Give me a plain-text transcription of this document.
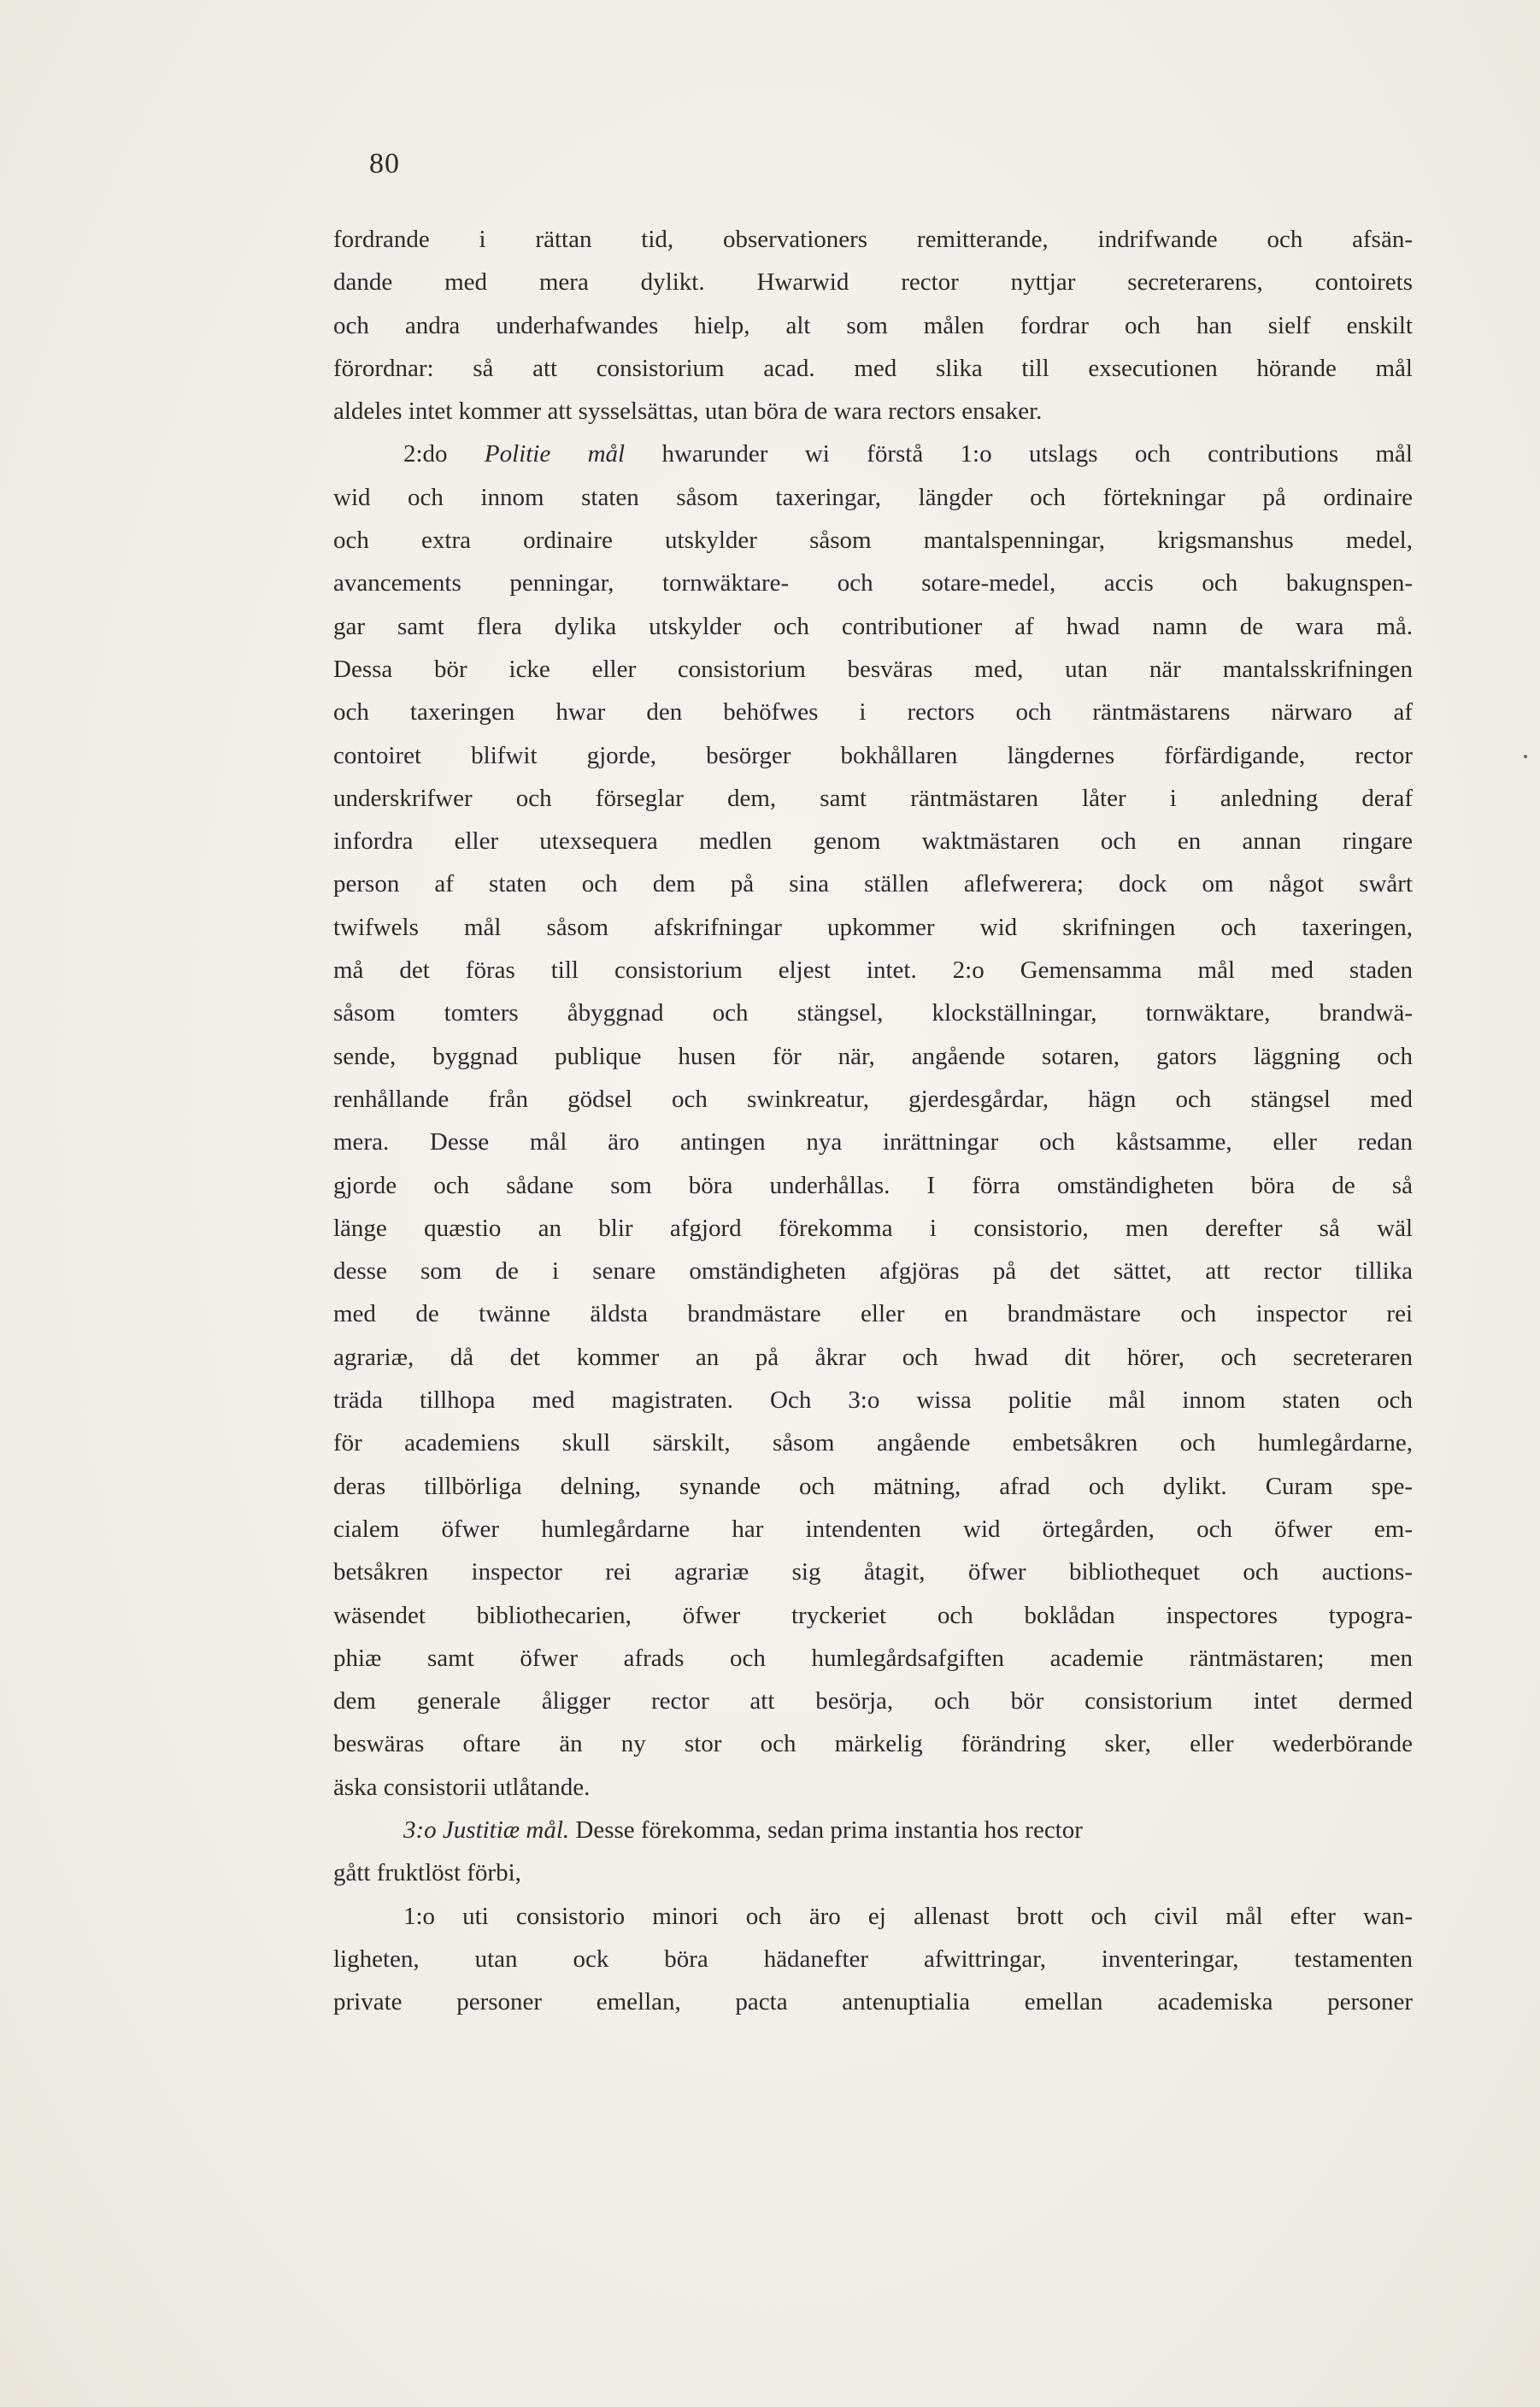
80
fordrande i rättan tid, observationers remitterande, indrifwande och afsän-
dande med mera dylikt. Hwarwid rector nyttjar secreterarens, contoirets
och andra underhafwandes hielp, alt som målen fordrar och han sielf enskilt
förordnar: så att consistorium acad. med slika till exsecutionen hörande mål
aldeles intet kommer att sysselsättas, utan böra de wara rectors ensaker.
2:do Politie mål hwarunder wi förstå 1:o utslags och contributions mål
wid och innom staten såsom taxeringar, längder och förtekningar på ordinaire
och extra ordinaire utskylder såsom mantalspenningar, krigsmanshus medel,
avancements penningar, tornwäktare- och sotare-medel, accis och bakugnspen-
gar samt flera dylika utskylder och contributioner af hwad namn de wara må.
Dessa bör icke eller consistorium besväras med, utan när mantalsskrifningen
och taxeringen hwar den behöfwes i rectors och räntmästarens närwaro af
contoiret blifwit gjorde, besörger bokhållaren längdernes förfärdigande, rector
underskrifwer och förseglar dem, samt räntmästaren låter i anledning deraf
infordra eller utexsequera medlen genom waktmästaren och en annan ringare
person af staten och dem på sina ställen aflefwerera; dock om något swårt
twifwels mål såsom afskrifningar upkommer wid skrifningen och taxeringen,
må det föras till consistorium eljest intet. 2:o Gemensamma mål med staden
såsom tomters åbyggnad och stängsel, klockställningar, tornwäktare, brandwä-
sende, byggnad publique husen för när, angående sotaren, gators läggning och
renhållande från gödsel och swinkreatur, gjerdesgårdar, hägn och stängsel med
mera. Desse mål äro antingen nya inrättningar och kåstsamme, eller redan
gjorde och sådane som böra underhållas. I förra omständigheten böra de så
länge quæstio an blir afgjord förekomma i consistorio, men derefter så wäl
desse som de i senare omständigheten afgjöras på det sättet, att rector tillika
med de twänne äldsta brandmästare eller en brandmästare och inspector rei
agrariæ, då det kommer an på åkrar och hwad dit hörer, och secreteraren
träda tillhopa med magistraten. Och 3:o wissa politie mål innom staten och
för academiens skull särskilt, såsom angående embetsåkren och humlegårdarne,
deras tillbörliga delning, synande och mätning, afrad och dylikt. Curam spe-
cialem öfwer humlegårdarne har intendenten wid örtegården, och öfwer em-
betsåkren inspector rei agrariæ sig åtagit, öfwer bibliothequet och auctions-
wäsendet bibliothecarien, öfwer tryckeriet och boklådan inspectores typogra-
phiæ samt öfwer afrads och humlegårdsafgiften academie räntmästaren; men
dem generale åligger rector att besörja, och bör consistorium intet dermed
beswäras oftare än ny stor och märkelig förändring sker, eller wederbörande
äska consistorii utlåtande.
3:o Justitiæ mål. Desse förekomma, sedan prima instantia hos rector
gått fruktlöst förbi,
1:o uti consistorio minori och äro ej allenast brott och civil mål efter wan-
ligheten, utan ock böra hädanefter afwittringar, inventeringar, testamenten
private personer emellan, pacta antenuptialia emellan academiska personer
